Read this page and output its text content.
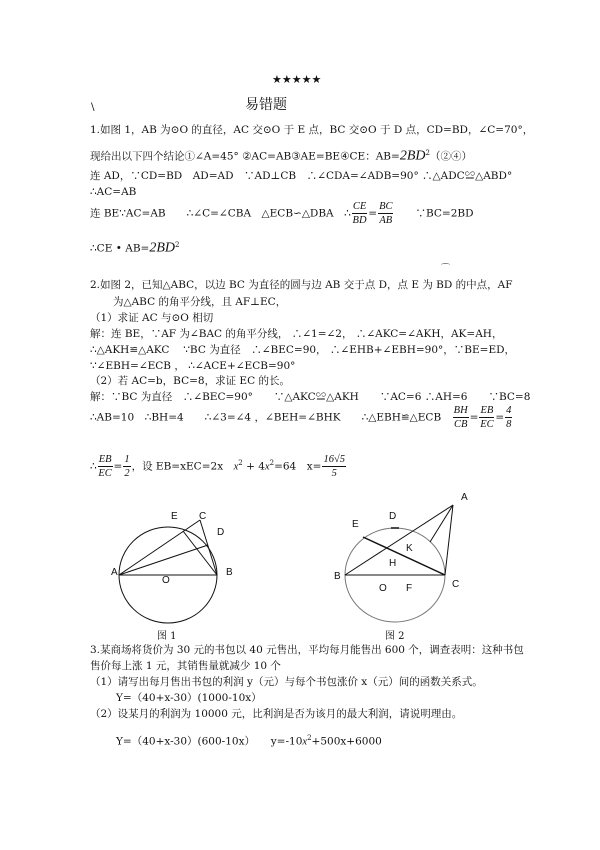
★★★★★
\	易错题
1.如图 1，AB 为⊙O 的直径，AC 交⊙O 于 E 点，BC 交⊙O 于 D 点，CD=BD，∠C=70°，
现给出以下四个结论①∠A=45° ②AC=AB③AE=BE④CE：$AB=2BD^2(②④)$
连 AD，∵CD=BD　AD=AD　∵AD⊥CB　∴∠CDA=∠ADB=90° ∴△ADC≌△ABD°
∴AC=AB
连 BE∵AC=AB　　∴∠C=∠CBA　△ECB∽△DBA　∴ $\frac{CE}{BD} = \frac{BC}{AB}$
　　 ∵BC=2BD
∴CE • $AB=2BD^2$
⌒
2.如图 2，已知△ABC，以边 BC 为直径的圆与边 AB 交于点 D，点 E 为 BD 的中点，AF
为△ABC 的角平分线，且 AF⊥EC，
（1）求证 AC 与⊙O 相切
解：连 BE，∵AF 为∠BAC 的角平分线， ∴∠1=∠2， ∴∠AKC=∠AKH，AK=AH，
∴△AKH≌△AKC　 ∵BC 为直径　∴∠BEC=90， ∴∠EHB+∠EBH=90°，∵BE=ED，
∵∠EBH=∠ECB ， ∴∠ACE+∠ECB=90°
（2）若 AC=b，BC=8，求证 EC 的长。
解：∵BC 为直径　∴∠BEC=90°　　∵△AKC≌△AKH　　∵AC=6 ∴AH=6　　∵BC=8
∴AB=10　∴BH=4　　∴∠3=∠4 ，∠BEH=∠BHK　　∴△EBH≌△ECB　 $\frac{BH}{CB} = \frac{EB}{EC} = \frac{4}{8}$
∴ $\frac{EB}{EC} = \frac{1}{2}$ ，设 EB=xEC=2x　$x^2 + 4x^2=64$　$x= \frac{16√5}{5}$
A	B
C
D
E
O
图 1
A
B
C
D
E
F
H
K
O
图 2
3.某商场将货价为 30 元的书包以 40 元售出，平均每月能售出 600 个，调查表明：这种书包
售价每上涨 1 元，其销售量就减少 10 个
（1）请写出每月售出书包的利润 y（元）与每个书包涨价 x（元）间的函数关系式。
Y=（40+x-30）(1000-10x）
（2）设某月的利润为 10000 元，比利润是否为该月的最大利润，请说明理由。
Y=（40+x-30）(600-10x）　　$y=-10x^2+500x+6000$
